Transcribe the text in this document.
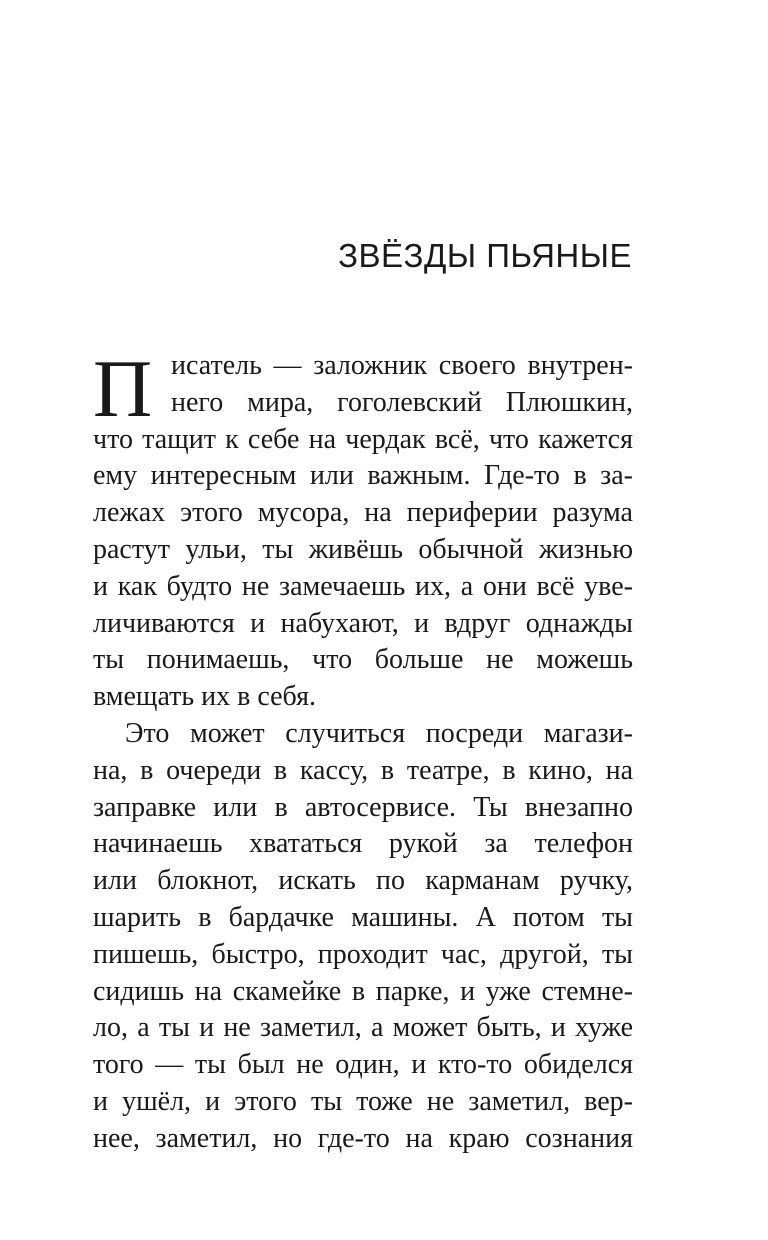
ЗВЁЗДЫ ПЬЯНЫЕ
П исатель — заложник своего внутрен-
него мира, гоголевский Плюшкин,
что тащит к себе на чердак всё, что кажется
ему интересным или важным. Где-то в за-
лежах этого мусора, на периферии разума
растут ульи, ты живёшь обычной жизнью
и как будто не замечаешь их, а они всё уве-
личиваются и набухают, и вдруг однажды
ты понимаешь, что больше не можешь
вмещать их в себя.
Это может случиться посреди магази-
на, в очереди в кассу, в театре, в кино, на
заправке или в автосервисе. Ты внезапно
начинаешь хвататься рукой за телефон
или блокнот, искать по карманам ручку,
шарить в бардачке машины. А потом ты
пишешь, быстро, проходит час, другой, ты
сидишь на скамейке в парке, и уже стемне-
ло, а ты и не заметил, а может быть, и хуже
того — ты был не один, и кто-то обиделся
и ушёл, и этого ты тоже не заметил, вер-
нее, заметил, но где-то на краю сознания
